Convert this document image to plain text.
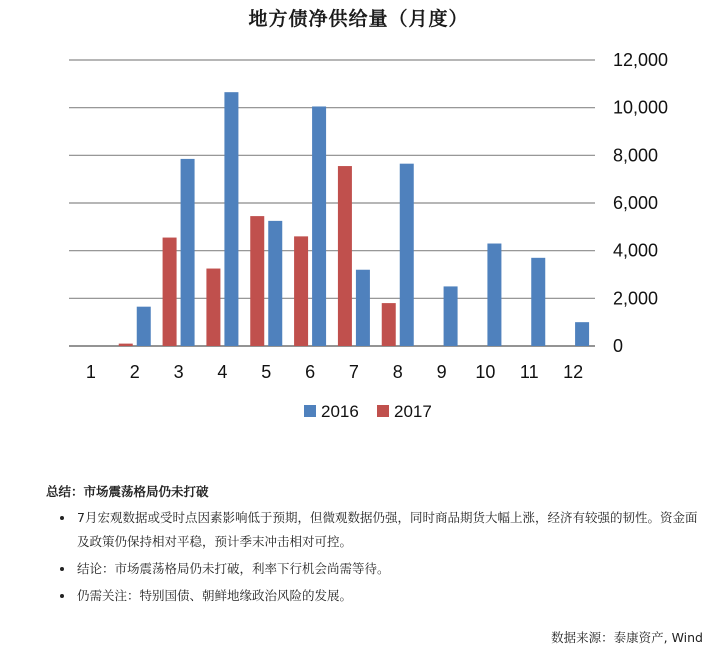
地方债净供给量（月度）
0
2,000
4,000
6,000
8,000
10,000
12,000
1 2 3 4 5 6 7 8 9 10 11 12
2016 2017
总结：市场震荡格局仍未打破
• 7月宏观数据或受时点因素影响低于预期，但微观数据仍强，同时商品期货大幅上涨，经济有较强的韧性。资金面及政策仍保持相对平稳，预计季末冲击相对可控。
• 结论：市场震荡格局仍未打破，利率下行机会尚需等待。
• 仍需关注：特别国债、朝鲜地缘政治风险的发展。
数据来源：泰康资产, Wind
